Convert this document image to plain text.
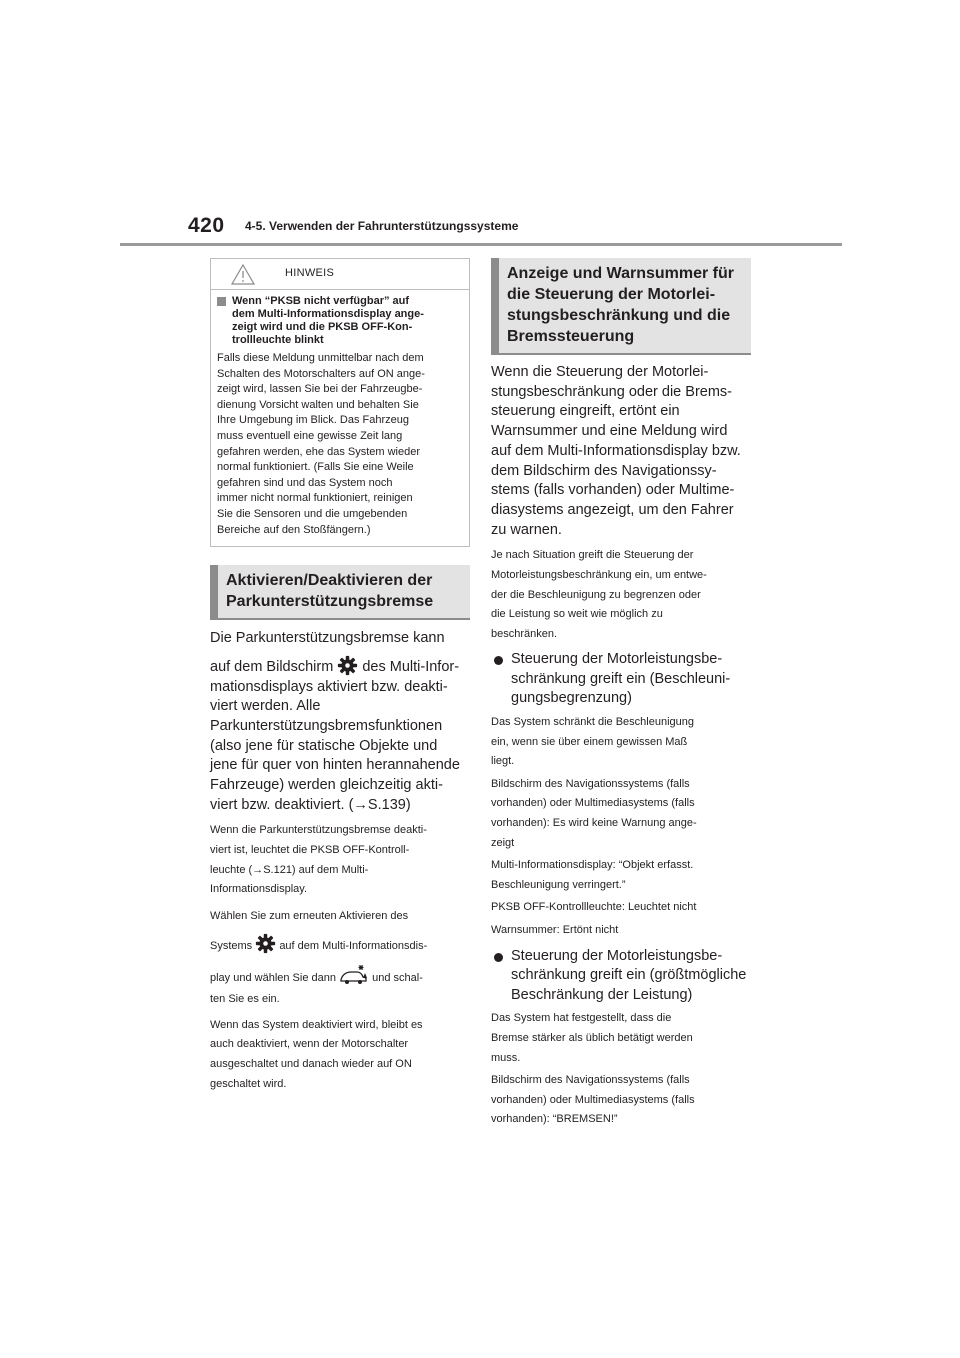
420 4-5. Verwenden der Fahrunterstützungssysteme
HINWEIS
Wenn “PKSB nicht verfügbar” auf
dem Multi-Informationsdisplay ange-
zeigt wird und die PKSB OFF-Kon-
trollleuchte blinkt
Falls diese Meldung unmittelbar nach dem
Schalten des Motorschalters auf ON ange-
zeigt wird, lassen Sie bei der Fahrzeugbe-
dienung Vorsicht walten und behalten Sie
Ihre Umgebung im Blick. Das Fahrzeug
muss eventuell eine gewisse Zeit lang
gefahren werden, ehe das System wieder
normal funktioniert. (Falls Sie eine Weile
gefahren sind und das System noch
immer nicht normal funktioniert, reinigen
Sie die Sensoren und die umgebenden
Bereiche auf den Stoßfängern.)
Aktivieren/Deaktivieren der
Parkunterstützungsbremse

Die Parkunterstützungsbremse kann
auf dem Bildschirm des Multi-Infor-
mationsdisplays aktiviert bzw. deakti-
viert werden. Alle
Parkunterstützungsbremsfunktionen
(also jene für statische Objekte und
jene für quer von hinten herannahende
Fahrzeuge) werden gleichzeitig akti-
viert bzw. deaktiviert. (→S.139)

Wenn die Parkunterstützungsbremse deakti-
viert ist, leuchtet die PKSB OFF-Kontroll-
leuchte (→S.121) auf dem Multi-
Informationsdisplay.

Wählen Sie zum erneuten Aktivieren des
Systems auf dem Multi-Informationsdis-
play und wählen Sie dann	und schal-
ten Sie es ein.

Wenn das System deaktiviert wird, bleibt es
auch deaktiviert, wenn der Motorschalter
ausgeschaltet und danach wieder auf ON
geschaltet wird.

Anzeige und Warnsummer für
die Steuerung der Motorlei-
stungsbeschränkung und die
Bremssteuerung

Wenn die Steuerung der Motorlei-
stungsbeschränkung oder die Brems-
steuerung eingreift, ertönt ein
Warnsummer und eine Meldung wird
auf dem Multi-Informationsdisplay bzw.
dem Bildschirm des Navigationssy-
stems (falls vorhanden) oder Multime-
diasystems angezeigt, um den Fahrer
zu warnen.

Je nach Situation greift die Steuerung der
Motorleistungsbeschränkung ein, um entwe-
der die Beschleunigung zu begrenzen oder
die Leistung so weit wie möglich zu
beschränken.

Steuerung der Motorleistungsbe-
schränkung greift ein (Beschleuni-
gungsbegrenzung)

Das System schränkt die Beschleunigung
ein, wenn sie über einem gewissen Maß
liegt.

Bildschirm des Navigationssystems (falls
vorhanden) oder Multimediasystems (falls
vorhanden): Es wird keine Warnung ange-
zeigt

Multi-Informationsdisplay: “Objekt erfasst.
Beschleunigung verringert.”

PKSB OFF-Kontrollleuchte: Leuchtet nicht

Warnsummer: Ertönt nicht

Steuerung der Motorleistungsbe-
schränkung greift ein (größtmögliche
Beschränkung der Leistung)

Das System hat festgestellt, dass die
Bremse stärker als üblich betätigt werden
muss.

Bildschirm des Navigationssystems (falls
vorhanden) oder Multimediasystems (falls
vorhanden): “BREMSEN!”
